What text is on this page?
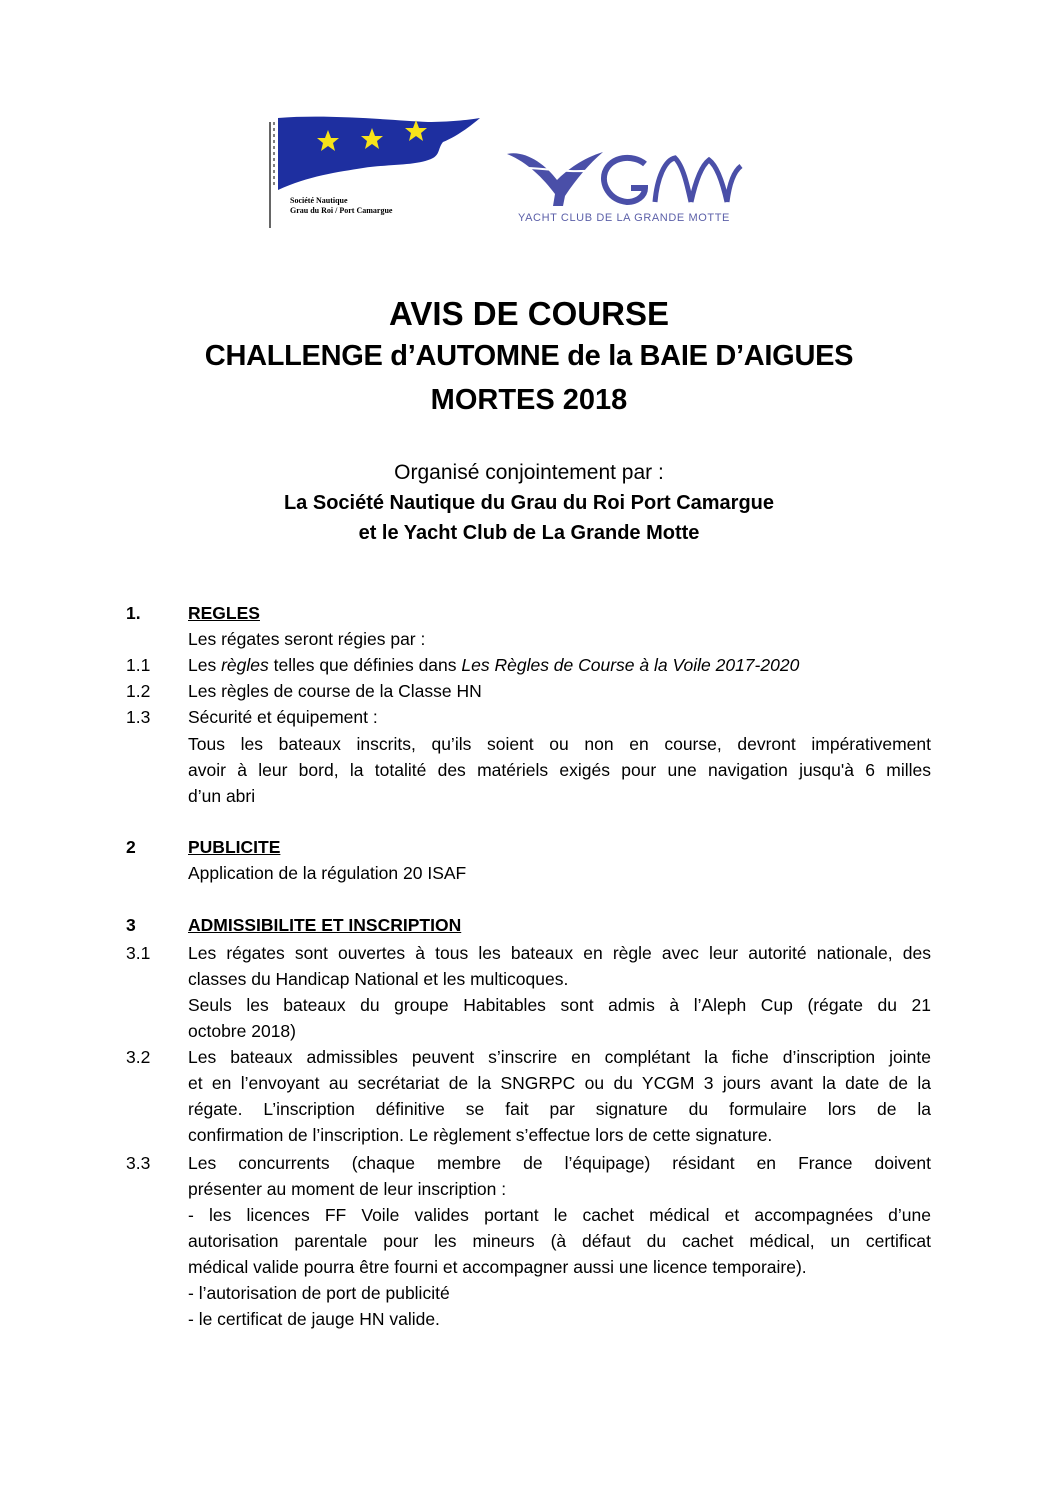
Société Nautique
Grau du Roi / Port Camargue
YACHT CLUB DE LA GRANDE MOTTE

AVIS DE COURSE

CHALLENGE d’AUTOMNE de la BAIE D’AIGUES

MORTES 2018

Organisé conjointement par :

La Société Nautique du Grau du Roi Port Camargue

et le Yacht Club de La Grande Motte

1.	REGLES
Les régates seront régies par :
1.1 Les règles telles que définies dans Les Règles de Course à la Voile 2017-2020
1.2 Les règles de course de la Classe HN
1.3 Sécurité et équipement :
Tous les bateaux inscrits, qu’ils soient ou non en course, devront impérativement
avoir à leur bord, la totalité des matériels exigés pour une navigation jusqu'à 6 milles
d’un abri
2	PUBLICITE
Application de la régulation 20 ISAF
3	ADMISSIBILITE ET INSCRIPTION
3.1 Les régates sont ouvertes à tous les bateaux en règle avec leur autorité nationale, des
classes du Handicap National et les multicoques.
Seuls les bateaux du groupe Habitables sont admis à l’Aleph Cup (régate du 21
octobre 2018)
3.2 Les bateaux admissibles peuvent s’inscrire en complétant la fiche d’inscription jointe
et en l’envoyant au secrétariat de la SNGRPC ou du YCGM 3 jours avant la date de la
régate. L’inscription définitive se fait par signature du formulaire lors de la
confirmation de l’inscription. Le règlement s’effectue lors de cette signature.
3.3 Les concurrents (chaque membre de l’équipage) résidant en France doivent
présenter au moment de leur inscription :
- les licences FF Voile valides portant le cachet médical et accompagnées d’une
autorisation parentale pour les mineurs (à défaut du cachet médical, un certificat
médical valide pourra être fourni et accompagner aussi une licence temporaire).
- l’autorisation de port de publicité
- le certificat de jauge HN valide.
